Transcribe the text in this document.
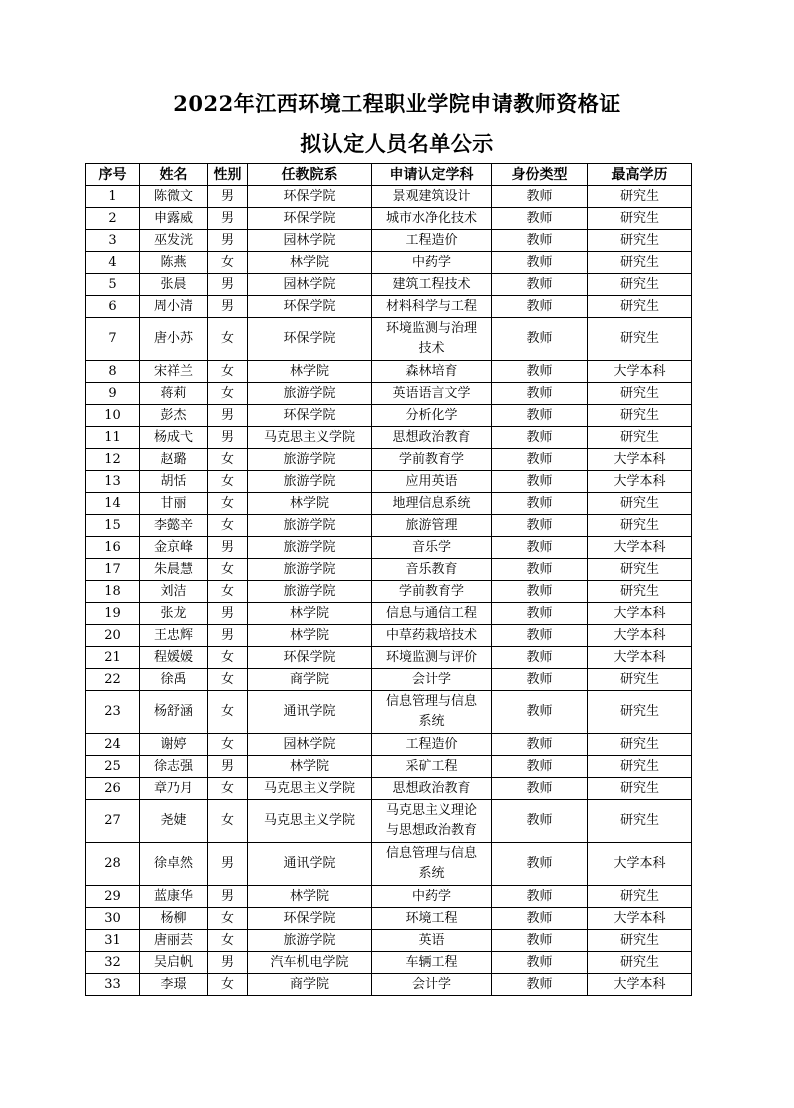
2022年江西环境工程职业学院申请教师资格证
拟认定人员名单公示
序号	姓名	性别	任教院系	申请认定学科	身份类型	最高学历
1	陈微文	男	环保学院	景观建筑设计	教师	研究生
2	申露威	男	环保学院	城市水净化技术	教师	研究生
3	巫发洸	男	园林学院	工程造价	教师	研究生
4	陈燕	女	林学院	中药学	教师	研究生
5	张晨	男	园林学院	建筑工程技术	教师	研究生
6	周小清	男	环保学院	材料科学与工程	教师	研究生
7	唐小苏	女	环保学院	环境监测与治理
技术	教师	研究生
8	宋祥兰	女	林学院	森林培育	教师	大学本科
9	蒋莉	女	旅游学院	英语语言文学	教师	研究生
10	彭杰	男	环保学院	分析化学	教师	研究生
11	杨成弋	男	马克思主义学院	思想政治教育	教师	研究生
12	赵璐	女	旅游学院	学前教育学	教师	大学本科
13	胡恬	女	旅游学院	应用英语	教师	大学本科
14	甘丽	女	林学院	地理信息系统	教师	研究生
15	李懿辛	女	旅游学院	旅游管理	教师	研究生
16	金京峰	男	旅游学院	音乐学	教师	大学本科
17	朱晨慧	女	旅游学院	音乐教育	教师	研究生
18	刘洁	女	旅游学院	学前教育学	教师	研究生
19	张龙	男	林学院	信息与通信工程	教师	大学本科
20	王忠辉	男	林学院	中草药栽培技术	教师	大学本科
21	程媛媛	女	环保学院	环境监测与评价	教师	大学本科
22	徐禹	女	商学院	会计学	教师	研究生
23	杨舒涵	女	通讯学院	信息管理与信息
系统	教师	研究生
24	谢婷	女	园林学院	工程造价	教师	研究生
25	徐志强	男	林学院	采矿工程	教师	研究生
26	章乃月	女	马克思主义学院	思想政治教育	教师	研究生
27	尧婕	女	马克思主义学院	马克思主义理论
与思想政治教育	教师	研究生
28	徐卓然	男	通讯学院	信息管理与信息
系统	教师	大学本科
29	蓝康华	男	林学院	中药学	教师	研究生
30	杨柳	女	环保学院	环境工程	教师	大学本科
31	唐丽芸	女	旅游学院	英语	教师	研究生
32	吴启帆	男	汽车机电学院	车辆工程	教师	研究生
33	李璟	女	商学院	会计学	教师	大学本科
